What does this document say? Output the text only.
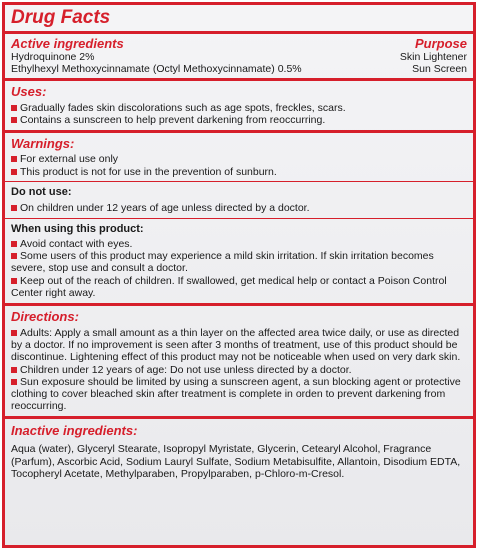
Drug Facts
Active ingredients	Purpose
Hydroquinone 2%	Skin Lightener
Ethylhexyl Methoxycinnamate (Octyl Methoxycinnamate) 0.5%	Sun Screen
Uses:
Gradually fades skin discolorations such as age spots, freckles, scars.
Contains a sunscreen to help prevent darkening from reoccurring.
Warnings:
For external use only
This product is not for use in the prevention of sunburn.
Do not use:
On children under 12 years of age unless directed by a doctor.
When using this product:
Avoid contact with eyes.
Some users of this product may experience a mild skin irritation. If skin irritation becomes severe, stop use and consult a doctor.
Keep out of the reach of children. If swallowed, get medical help or contact a Poison Control Center right away.
Directions:
Adults: Apply a small amount as a thin layer on the affected area twice daily, or use as directed by a doctor. If no improvement is seen after 3 months of treatment, use of this product should be discontinue. Lightening effect of this product may not be noticeable when used on very dark skin.
Children under 12 years of age: Do not use unless directed by a doctor.
Sun exposure should be limited by using a sunscreen agent, a sun blocking agent or protective clothing to cover bleached skin after treatment is complete in orden to prevent darkening from reoccurring.
Inactive ingredients:
Aqua (water), Glyceryl Stearate, Isopropyl Myristate, Glycerin, Cetearyl Alcohol, Fragrance (Parfum), Ascorbic Acid, Sodium Lauryl Sulfate, Sodium Metabisulfite, Allantoin, Disodium EDTA, Tocopheryl Acetate, Methylparaben, Propylparaben, p-Chloro-m-Cresol.
